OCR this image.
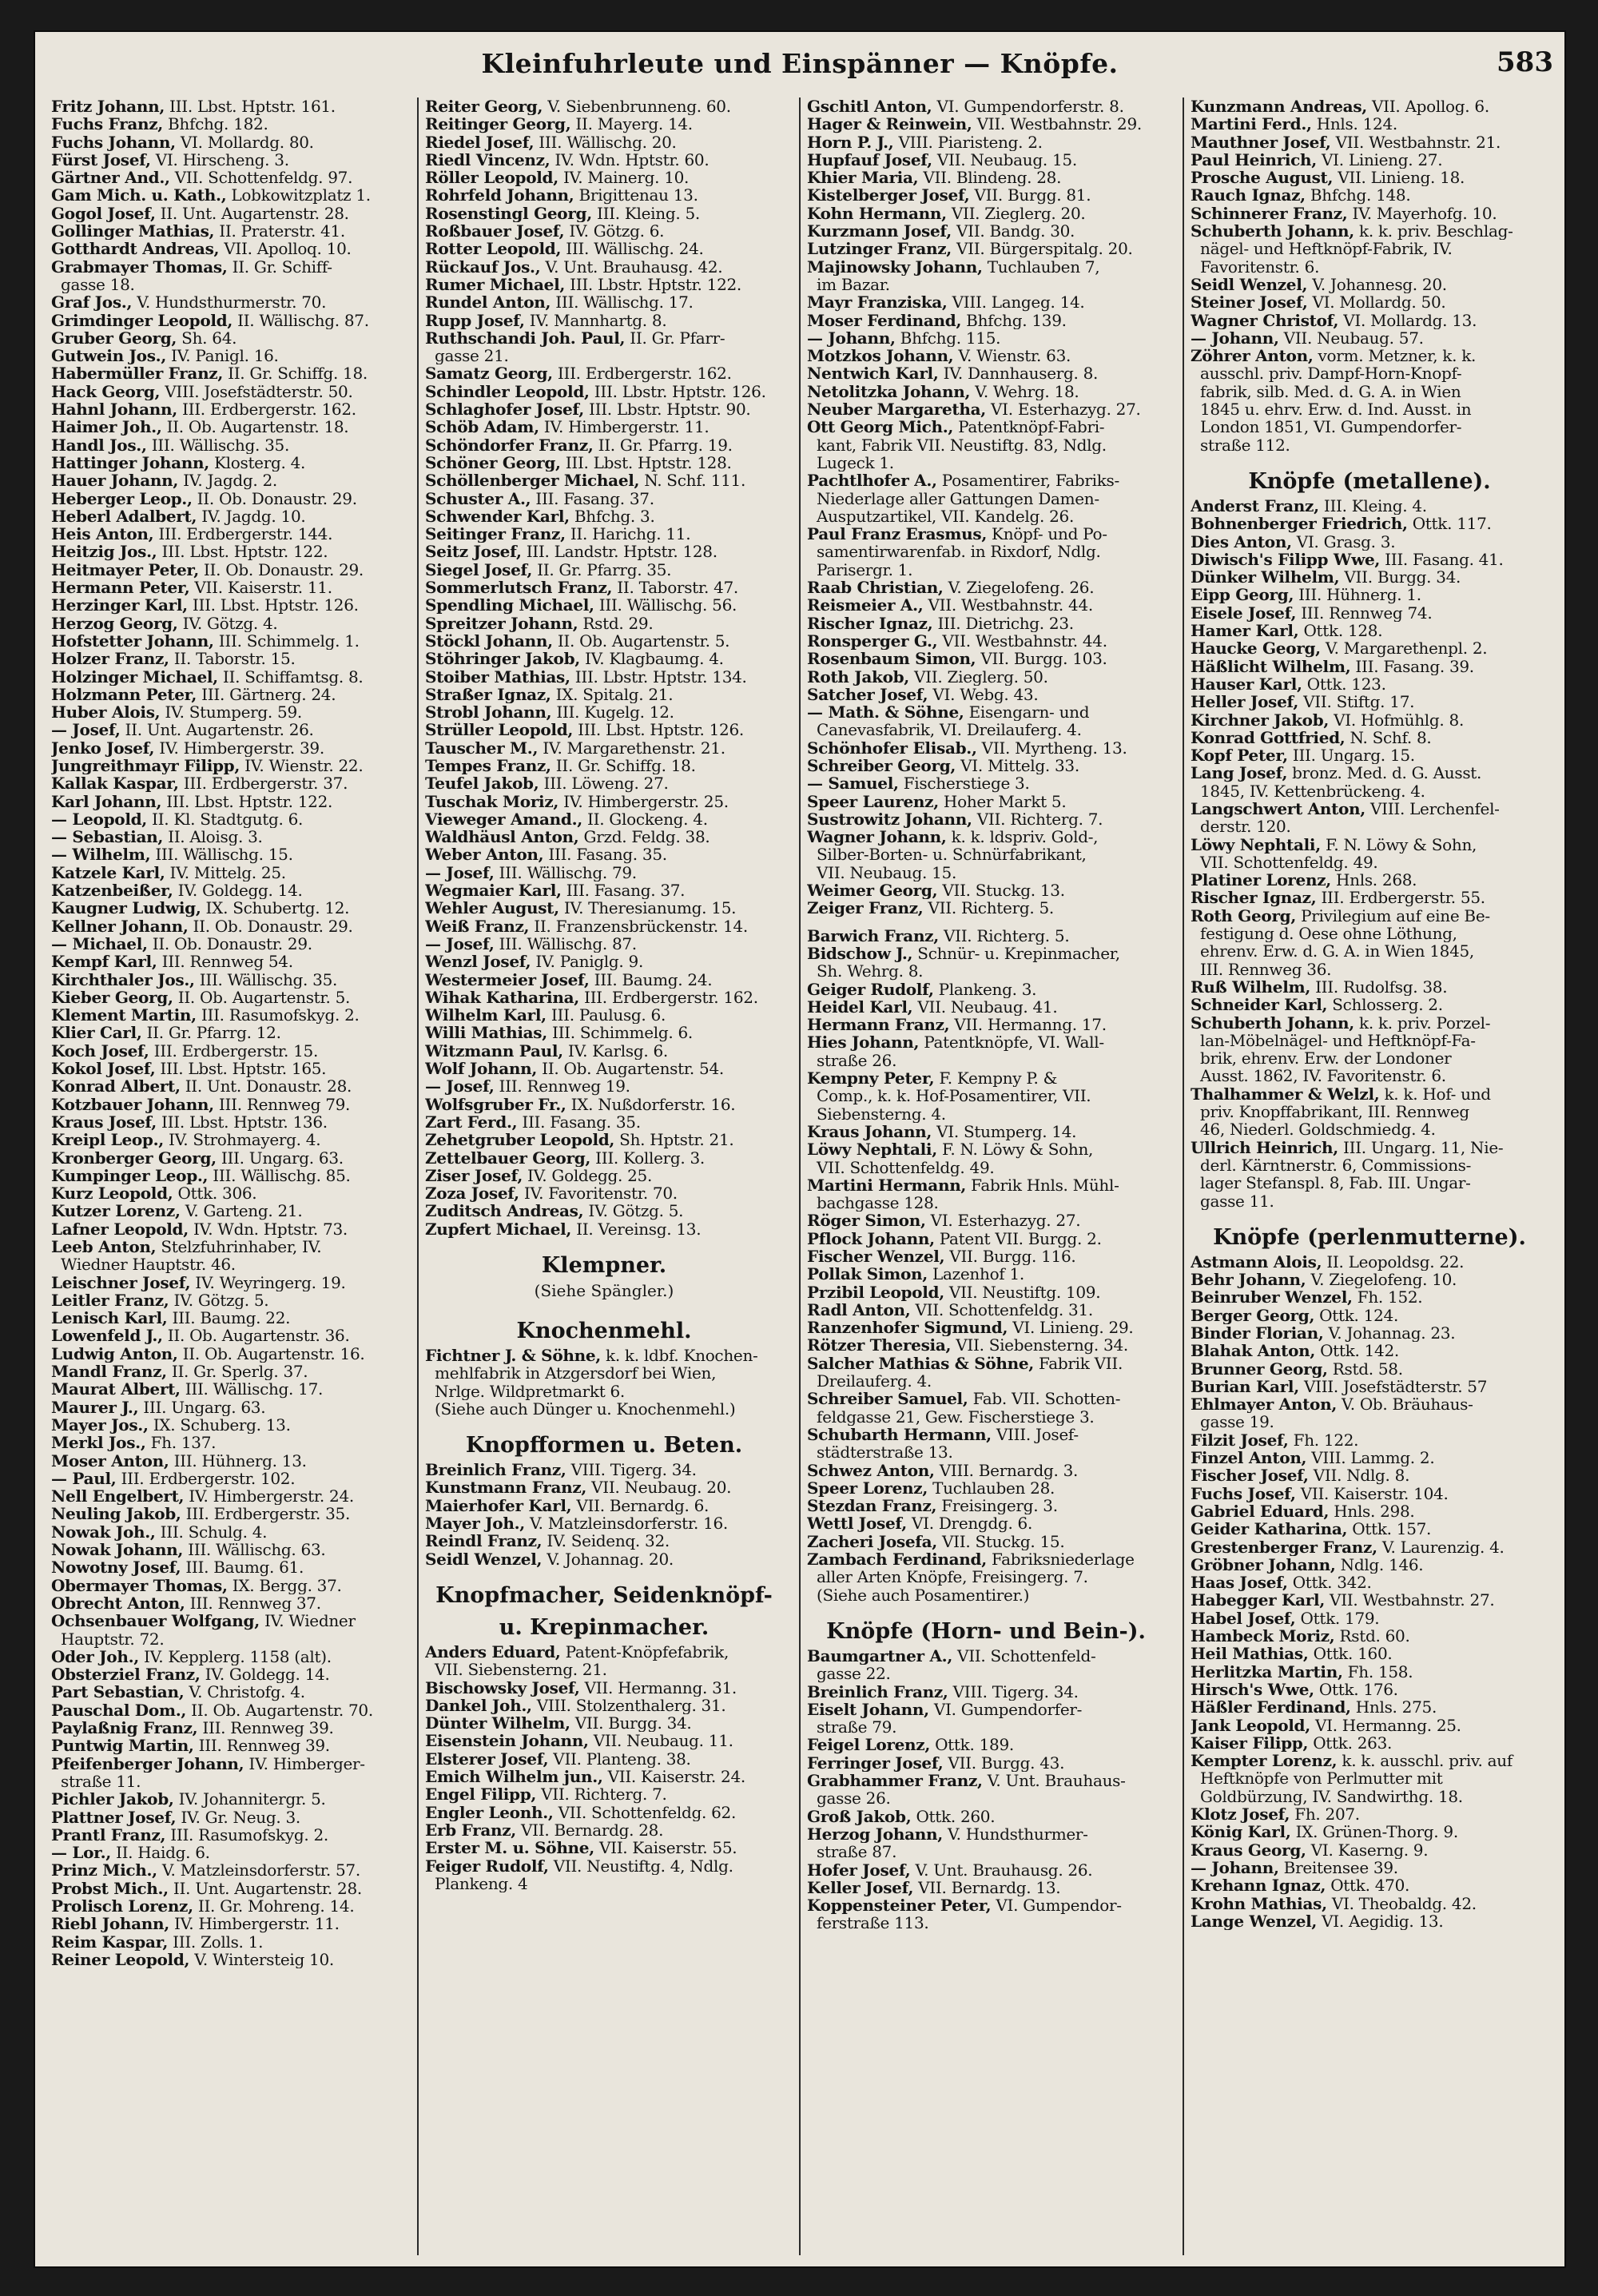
Kleinfuhrleute und Einspänner — Knöpfe.	583
Fritz Johann, III. Lbst. Hptstr. 161.
Fuchs Franz, Bhfchg. 182.
Fuchs Johann, VI. Mollardg. 80.
Fürst Josef, VI. Hirscheng. 3.
Gärtner And., VII. Schottenfeldg. 97.
Gam Mich. u. Kath., Lobkowitzplatz 1.
Gogol Josef, II. Unt. Augartenstr. 28.
Gollinger Mathias, II. Praterstr. 41.
Gotthardt Andreas, VII. Apolloq. 10.
Grabmayer Thomas, II. Gr. Schiff-
gasse 18.
Graf Jos., V. Hundsthurmerstr. 70.
Grimdinger Leopold, II. Wällischg. 87.
Gruber Georg, Sh. 64.
Gutwein Jos., IV. Panigl. 16.
Habermüller Franz, II. Gr. Schiffg. 18.
Hack Georg, VIII. Josefstädterstr. 50.
Hahnl Johann, III. Erdbergerstr. 162.
Haimer Joh., II. Ob. Augartenstr. 18.
Handl Jos., III. Wällischg. 35.
Hattinger Johann, Klosterg. 4.
Hauer Johann, IV. Jagdg. 2.
Heberger Leop., II. Ob. Donaustr. 29.
Heberl Adalbert, IV. Jagdg. 10.
Heis Anton, III. Erdbergerstr. 144.
Heitzig Jos., III. Lbst. Hptstr. 122.
Heitmayer Peter, II. Ob. Donaustr. 29.
Hermann Peter, VII. Kaiserstr. 11.
Herzinger Karl, III. Lbst. Hptstr. 126.
Herzog Georg, IV. Götzg. 4.
Hofstetter Johann, III. Schimmelg. 1.
Holzer Franz, II. Taborstr. 15.
Holzinger Michael, II. Schiffamtsg. 8.
Holzmann Peter, III. Gärtnerg. 24.
Huber Alois, IV. Stumperg. 59.
— Josef, II. Unt. Augartenstr. 26.
Jenko Josef, IV. Himbergerstr. 39.
Jungreithmayr Filipp, IV. Wienstr. 22.
Kallak Kaspar, III. Erdbergerstr. 37.
Karl Johann, III. Lbst. Hptstr. 122.
— Leopold, II. Kl. Stadtgutg. 6.
— Sebastian, II. Aloisg. 3.
— Wilhelm, III. Wällischg. 15.
Katzele Karl, IV. Mittelg. 25.
Katzenbeißer, IV. Goldegg. 14.
Kaugner Ludwig, IX. Schubertg. 12.
Kellner Johann, II. Ob. Donaustr. 29.
— Michael, II. Ob. Donaustr. 29.
Kempf Karl, III. Rennweg 54.
Kirchthaler Jos., III. Wällischg. 35.
Kieber Georg, II. Ob. Augartenstr. 5.
Klement Martin, III. Rasumofskyg. 2.
Klier Carl, II. Gr. Pfarrg. 12.
Koch Josef, III. Erdbergerstr. 15.
Kokol Josef, III. Lbst. Hptstr. 165.
Konrad Albert, II. Unt. Donaustr. 28.
Kotzbauer Johann, III. Rennweg 79.
Kraus Josef, III. Lbst. Hptstr. 136.
Kreipl Leop., IV. Strohmayerg. 4.
Kronberger Georg, III. Ungarg. 63.
Kumpinger Leop., III. Wällischg. 85.
Kurz Leopold, Ottk. 306.
Kutzer Lorenz, V. Garteng. 21.
Lafner Leopold, IV. Wdn. Hptstr. 73.
Leeb Anton, Stelzfuhrinhaber, IV.
Wiedner Hauptstr. 46.
Leischner Josef, IV. Weyringerg. 19.
Leitler Franz, IV. Götzg. 5.
Lenisch Karl, III. Baumg. 22.
Lowenfeld J., II. Ob. Augartenstr. 36.
Ludwig Anton, II. Ob. Augartenstr. 16.
Mandl Franz, II. Gr. Sperlg. 37.
Maurat Albert, III. Wällischg. 17.
Maurer J., III. Ungarg. 63.
Mayer Jos., IX. Schuberg. 13.
Merkl Jos., Fh. 137.
Moser Anton, III. Hühnerg. 13.
— Paul, III. Erdbergerstr. 102.
Nell Engelbert, IV. Himbergerstr. 24.
Neuling Jakob, III. Erdbergerstr. 35.
Nowak Joh., III. Schulg. 4.
Nowak Johann, III. Wällischg. 63.
Nowotny Josef, III. Baumg. 61.
Obermayer Thomas, IX. Bergg. 37.
Obrecht Anton, III. Rennweg 37.
Ochsenbauer Wolfgang, IV. Wiedner
Hauptstr. 72.
Oder Joh., IV. Kepplerg. 1158 (alt).
Obsterziel Franz, IV. Goldegg. 14.
Part Sebastian, V. Christofg. 4.
Pauschal Dom., II. Ob. Augartenstr. 70.
Paylaßnig Franz, III. Rennweg 39.
Puntwig Martin, III. Rennweg 39.
Pfeifenberger Johann, IV. Himberger-
straße 11.
Pichler Jakob, IV. Johannitergr. 5.
Plattner Josef, IV. Gr. Neug. 3.
Prantl Franz, III. Rasumofskyg. 2.
— Lor., II. Haidg. 6.
Prinz Mich., V. Matzleinsdorferstr. 57.
Probst Mich., II. Unt. Augartenstr. 28.
Prolisch Lorenz, II. Gr. Mohreng. 14.
Riebl Johann, IV. Himbergerstr. 11.
Reim Kaspar, III. Zolls. 1.
Reiner Leopold, V. Wintersteig 10.
Reiter Georg, V. Siebenbrunneng. 60.
Reitinger Georg, II. Mayerg. 14.
Riedel Josef, III. Wällischg. 20.
Riedl Vincenz, IV. Wdn. Hptstr. 60.
Röller Leopold, IV. Mainerg. 10.
Rohrfeld Johann, Brigittenau 13.
Rosenstingl Georg, III. Kleing. 5.
Roßbauer Josef, IV. Götzg. 6.
Rotter Leopold, III. Wällischg. 24.
Rückauf Jos., V. Unt. Brauhausg. 42.
Rumer Michael, III. Lbstr. Hptstr. 122.
Rundel Anton, III. Wällischg. 17.
Rupp Josef, IV. Mannhartg. 8.
Ruthschandi Joh. Paul, II. Gr. Pfarr-
gasse 21.
Samatz Georg, III. Erdbergerstr. 162.
Schindler Leopold, III. Lbstr. Hptstr. 126.
Schlaghofer Josef, III. Lbstr. Hptstr. 90.
Schöb Adam, IV. Himbergerstr. 11.
Schöndorfer Franz, II. Gr. Pfarrg. 19.
Schöner Georg, III. Lbst. Hptstr. 128.
Schöllenberger Michael, N. Schf. 111.
Schuster A., III. Fasang. 37.
Schwender Karl, Bhfchg. 3.
Seitinger Franz, II. Harichg. 11.
Seitz Josef, III. Landstr. Hptstr. 128.
Siegel Josef, II. Gr. Pfarrg. 35.
Sommerlutsch Franz, II. Taborstr. 47.
Spendling Michael, III. Wällischg. 56.
Spreitzer Johann, Rstd. 29.
Stöckl Johann, II. Ob. Augartenstr. 5.
Stöhringer Jakob, IV. Klagbaumg. 4.
Stoiber Mathias, III. Lbstr. Hptstr. 134.
Straßer Ignaz, IX. Spitalg. 21.
Strobl Johann, III. Kugelg. 12.
Strüller Leopold, III. Lbst. Hptstr. 126.
Tauscher M., IV. Margarethenstr. 21.
Tempes Franz, II. Gr. Schiffg. 18.
Teufel Jakob, III. Löweng. 27.
Tuschak Moriz, IV. Himbergerstr. 25.
Vieweger Amand., II. Glockeng. 4.
Waldhäusl Anton, Grzd. Feldg. 38.
Weber Anton, III. Fasang. 35.
— Josef, III. Wällischg. 79.
Wegmaier Karl, III. Fasang. 37.
Wehler August, IV. Theresianumg. 15.
Weiß Franz, II. Franzensbrückenstr. 14.
— Josef, III. Wällischg. 87.
Wenzl Josef, IV. Paniglg. 9.
Westermeier Josef, III. Baumg. 24.
Wihak Katharina, III. Erdbergerstr. 162.
Wilhelm Karl, III. Paulusg. 6.
Willi Mathias, III. Schimmelg. 6.
Witzmann Paul, IV. Karlsg. 6.
Wolf Johann, II. Ob. Augartenstr. 54.
— Josef, III. Rennweg 19.
Wolfsgruber Fr., IX. Nußdorferstr. 16.
Zart Ferd., III. Fasang. 35.
Zehetgruber Leopold, Sh. Hptstr. 21.
Zettelbauer Georg, III. Kollerg. 3.
Ziser Josef, IV. Goldegg. 25.
Zoza Josef, IV. Favoritenstr. 70.
Zuditsch Andreas, IV. Götzg. 5.
Zupfert Michael, II. Vereinsg. 13.
Klempner.
(Siehe Spängler.)
Knochenmehl.
Fichtner J. & Söhne, k. k. ldbf. Knochen-
mehlfabrik in Atzgersdorf bei Wien,
Nrlge. Wildpretmarkt 6.
(Siehe auch Dünger u. Knochenmehl.)
Knopfformen u. Beten.
Breinlich Franz, VIII. Tigerg. 34.
Kunstmann Franz, VII. Neubaug. 20.
Maierhofer Karl, VII. Bernardg. 6.
Mayer Joh., V. Matzleinsdorferstr. 16.
Reindl Franz, IV. Seidenq. 32.
Seidl Wenzel, V. Johannag. 20.
Knopfmacher, Seidenknöpf-
u. Krepinmacher.
Anders Eduard, Patent-Knöpfefabrik,
VII. Siebensterng. 21.
Bischowsky Josef, VII. Hermanng. 31.
Dankel Joh., VIII. Stolzenthalerg. 31.
Dünter Wilhelm, VII. Burgg. 34.
Eisenstein Johann, VII. Neubaug. 11.
Elsterer Josef, VII. Planteng. 38.
Emich Wilhelm jun., VII. Kaiserstr. 24.
Engel Filipp, VII. Richterg. 7.
Engler Leonh., VII. Schottenfeldg. 62.
Erb Franz, VII. Bernardg. 28.
Erster M. u. Söhne, VII. Kaiserstr. 55.
Feiger Rudolf, VII. Neustiftg. 4, Ndlg.
Plankeng. 4
Gschitl Anton, VI. Gumpendorferstr. 8.
Hager & Reinwein, VII. Westbahnstr. 29.
Horn P. J., VIII. Piaristeng. 2.
Hupfauf Josef, VII. Neubaug. 15.
Khier Maria, VII. Blindeng. 28.
Kistelberger Josef, VII. Burgg. 81.
Kohn Hermann, VII. Zieglerg. 20.
Kurzmann Josef, VII. Bandg. 30.
Lutzinger Franz, VII. Bürgerspitalg. 20.
Majinowsky Johann, Tuchlauben 7,
im Bazar.
Mayr Franziska, VIII. Langeg. 14.
Moser Ferdinand, Bhfchg. 139.
— Johann, Bhfchg. 115.
Motzkos Johann, V. Wienstr. 63.
Nentwich Karl, IV. Dannhauserg. 8.
Netolitzka Johann, V. Wehrg. 18.
Neuber Margaretha, VI. Esterhazyg. 27.
Ott Georg Mich., Patentknöpf-Fabri-
kant, Fabrik VII. Neustiftg. 83, Ndlg.
Lugeck 1.
Pachtlhofer A., Posamentirer, Fabriks-
Niederlage aller Gattungen Damen-
Ausputzartikel, VII. Kandelg. 26.
Paul Franz Erasmus, Knöpf- und Po-
samentirwarenfab. in Rixdorf, Ndlg.
Parisergr. 1.
Raab Christian, V. Ziegelofeng. 26.
Reismeier A., VII. Westbahnstr. 44.
Rischer Ignaz, III. Dietrichg. 23.
Ronsperger G., VII. Westbahnstr. 44.
Rosenbaum Simon, VII. Burgg. 103.
Roth Jakob, VII. Zieglerg. 50.
Satcher Josef, VI. Webg. 43.
— Math. & Söhne, Eisengarn- und
Canevasfabrik, VI. Dreilauferg. 4.
Schönhofer Elisab., VII. Myrtheng. 13.
Schreiber Georg, VI. Mittelg. 33.
— Samuel, Fischerstiege 3.
Speer Laurenz, Hoher Markt 5.
Sustrowitz Johann, VII. Richterg. 7.
Wagner Johann, k. k. ldspriv. Gold-,
Silber-Borten- u. Schnürfabrikant,
VII. Neubaug. 15.
Weimer Georg, VII. Stuckg. 13.
Zeiger Franz, VII. Richterg. 5.
Barwich Franz, VII. Richterg. 5.
Bidschow J., Schnür- u. Krepinmacher,
Sh. Wehrg. 8.
Geiger Rudolf, Plankeng. 3.
Heidel Karl, VII. Neubaug. 41.
Hermann Franz, VII. Hermanng. 17.
Hies Johann, Patentknöpfe, VI. Wall-
straße 26.
Kempny Peter, F. Kempny P. &
Comp., k. k. Hof-Posamentirer, VII.
Siebensterng. 4.
Kraus Johann, VI. Stumperg. 14.
Löwy Nephtali, F. N. Löwy & Sohn,
VII. Schottenfeldg. 49.
Martini Hermann, Fabrik Hnls. Mühl-
bachgasse 128.
Röger Simon, VI. Esterhazyg. 27.
Pflock Johann, Patent VII. Burgg. 2.
Fischer Wenzel, VII. Burgg. 116.
Pollak Simon, Lazenhof 1.
Przibil Leopold, VII. Neustiftg. 109.
Radl Anton, VII. Schottenfeldg. 31.
Ranzenhofer Sigmund, VI. Linieng. 29.
Rötzer Theresia, VII. Siebensterng. 34.
Salcher Mathias & Söhne, Fabrik VII.
Dreilauferg. 4.
Schreiber Samuel, Fab. VII. Schotten-
feldgasse 21, Gew. Fischerstiege 3.
Schubarth Hermann, VIII. Josef-
städterstraße 13.
Schwez Anton, VIII. Bernardg. 3.
Speer Lorenz, Tuchlauben 28.
Stezdan Franz, Freisingerg. 3.
Wettl Josef, VI. Drengdg. 6.
Zacheri Josefa, VII. Stuckg. 15.
Zambach Ferdinand, Fabriksniederlage
aller Arten Knöpfe, Freisingerg. 7.
(Siehe auch Posamentirer.)
Knöpfe (Horn- und Bein-).
Baumgartner A., VII. Schottenfeld-
gasse 22.
Breinlich Franz, VIII. Tigerg. 34.
Eiselt Johann, VI. Gumpendorfer-
straße 79.
Feigel Lorenz, Ottk. 189.
Ferringer Josef, VII. Burgg. 43.
Grabhammer Franz, V. Unt. Brauhaus-
gasse 26.
Groß Jakob, Ottk. 260.
Herzog Johann, V. Hundsthurmer-
straße 87.
Hofer Josef, V. Unt. Brauhausg. 26.
Keller Josef, VII. Bernardg. 13.
Koppensteiner Peter, VI. Gumpendor-
ferstraße 113.
Kunzmann Andreas, VII. Apollog. 6.
Martini Ferd., Hnls. 124.
Mauthner Josef, VII. Westbahnstr. 21.
Paul Heinrich, VI. Linieng. 27.
Prosche August, VII. Linieng. 18.
Rauch Ignaz, Bhfchg. 148.
Schinnerer Franz, IV. Mayerhofg. 10.
Schuberth Johann, k. k. priv. Beschlag-
nägel- und Heftknöpf-Fabrik, IV.
Favoritenstr. 6.
Seidl Wenzel, V. Johannesg. 20.
Steiner Josef, VI. Mollardg. 50.
Wagner Christof, VI. Mollardg. 13.
— Johann, VII. Neubaug. 57.
Zöhrer Anton, vorm. Metzner, k. k.
ausschl. priv. Dampf-Horn-Knopf-
fabrik, silb. Med. d. G. A. in Wien
1845 u. ehrv. Erw. d. Ind. Ausst. in
London 1851, VI. Gumpendorfer-
straße 112.
Knöpfe (metallene).
Anderst Franz, III. Kleing. 4.
Bohnenberger Friedrich, Ottk. 117.
Dies Anton, VI. Grasg. 3.
Diwisch's Filipp Wwe, III. Fasang. 41.
Dünker Wilhelm, VII. Burgg. 34.
Eipp Georg, III. Hühnerg. 1.
Eisele Josef, III. Rennweg 74.
Hamer Karl, Ottk. 128.
Haucke Georg, V. Margarethenpl. 2.
Häßlicht Wilhelm, III. Fasang. 39.
Hauser Karl, Ottk. 123.
Heller Josef, VII. Stiftg. 17.
Kirchner Jakob, VI. Hofmühlg. 8.
Konrad Gottfried, N. Schf. 8.
Kopf Peter, III. Ungarg. 15.
Lang Josef, bronz. Med. d. G. Ausst.
1845, IV. Kettenbrückeng. 4.
Langschwert Anton, VIII. Lerchenfel-
derstr. 120.
Löwy Nephtali, F. N. Löwy & Sohn,
VII. Schottenfeldg. 49.
Platiner Lorenz, Hnls. 268.
Rischer Ignaz, III. Erdbergerstr. 55.
Roth Georg, Privilegium auf eine Be-
festigung d. Oese ohne Löthung,
ehrenv. Erw. d. G. A. in Wien 1845,
III. Rennweg 36.
Ruß Wilhelm, III. Rudolfsg. 38.
Schneider Karl, Schlosserg. 2.
Schuberth Johann, k. k. priv. Porzel-
lan-Möbelnägel- und Heftknöpf-Fa-
brik, ehrenv. Erw. der Londoner
Ausst. 1862, IV. Favoritenstr. 6.
Thalhammer & Welzl, k. k. Hof- und
priv. Knopffabrikant, III. Rennweg
46, Niederl. Goldschmiedg. 4.
Ullrich Heinrich, III. Ungarg. 11, Nie-
derl. Kärntnerstr. 6, Commissions-
lager Stefanspl. 8, Fab. III. Ungar-
gasse 11.
Knöpfe (perlenmutterne).
Astmann Alois, II. Leopoldsg. 22.
Behr Johann, V. Ziegelofeng. 10.
Beinruber Wenzel, Fh. 152.
Berger Georg, Ottk. 124.
Binder Florian, V. Johannag. 23.
Blahak Anton, Ottk. 142.
Brunner Georg, Rstd. 58.
Burian Karl, VIII. Josefstädterstr. 57
Ehlmayer Anton, V. Ob. Bräuhaus-
gasse 19.
Filzit Josef, Fh. 122.
Finzel Anton, VIII. Lammg. 2.
Fischer Josef, VII. Ndlg. 8.
Fuchs Josef, VII. Kaiserstr. 104.
Gabriel Eduard, Hnls. 298.
Geider Katharina, Ottk. 157.
Grestenberger Franz, V. Laurenzig. 4.
Gröbner Johann, Ndlg. 146.
Haas Josef, Ottk. 342.
Habegger Karl, VII. Westbahnstr. 27.
Habel Josef, Ottk. 179.
Hambeck Moriz, Rstd. 60.
Heil Mathias, Ottk. 160.
Herlitzka Martin, Fh. 158.
Hirsch's Wwe, Ottk. 176.
Häßler Ferdinand, Hnls. 275.
Jank Leopold, VI. Hermanng. 25.
Kaiser Filipp, Ottk. 263.
Kempter Lorenz, k. k. ausschl. priv. auf
Heftknöpfe von Perlmutter mit
Goldbürzung, IV. Sandwirthg. 18.
Klotz Josef, Fh. 207.
König Karl, IX. Grünen-Thorg. 9.
Kraus Georg, VI. Kaserng. 9.
— Johann, Breitensee 39.
Krehann Ignaz, Ottk. 470.
Krohn Mathias, VI. Theobaldg. 42.
Lange Wenzel, VI. Aegidig. 13.
